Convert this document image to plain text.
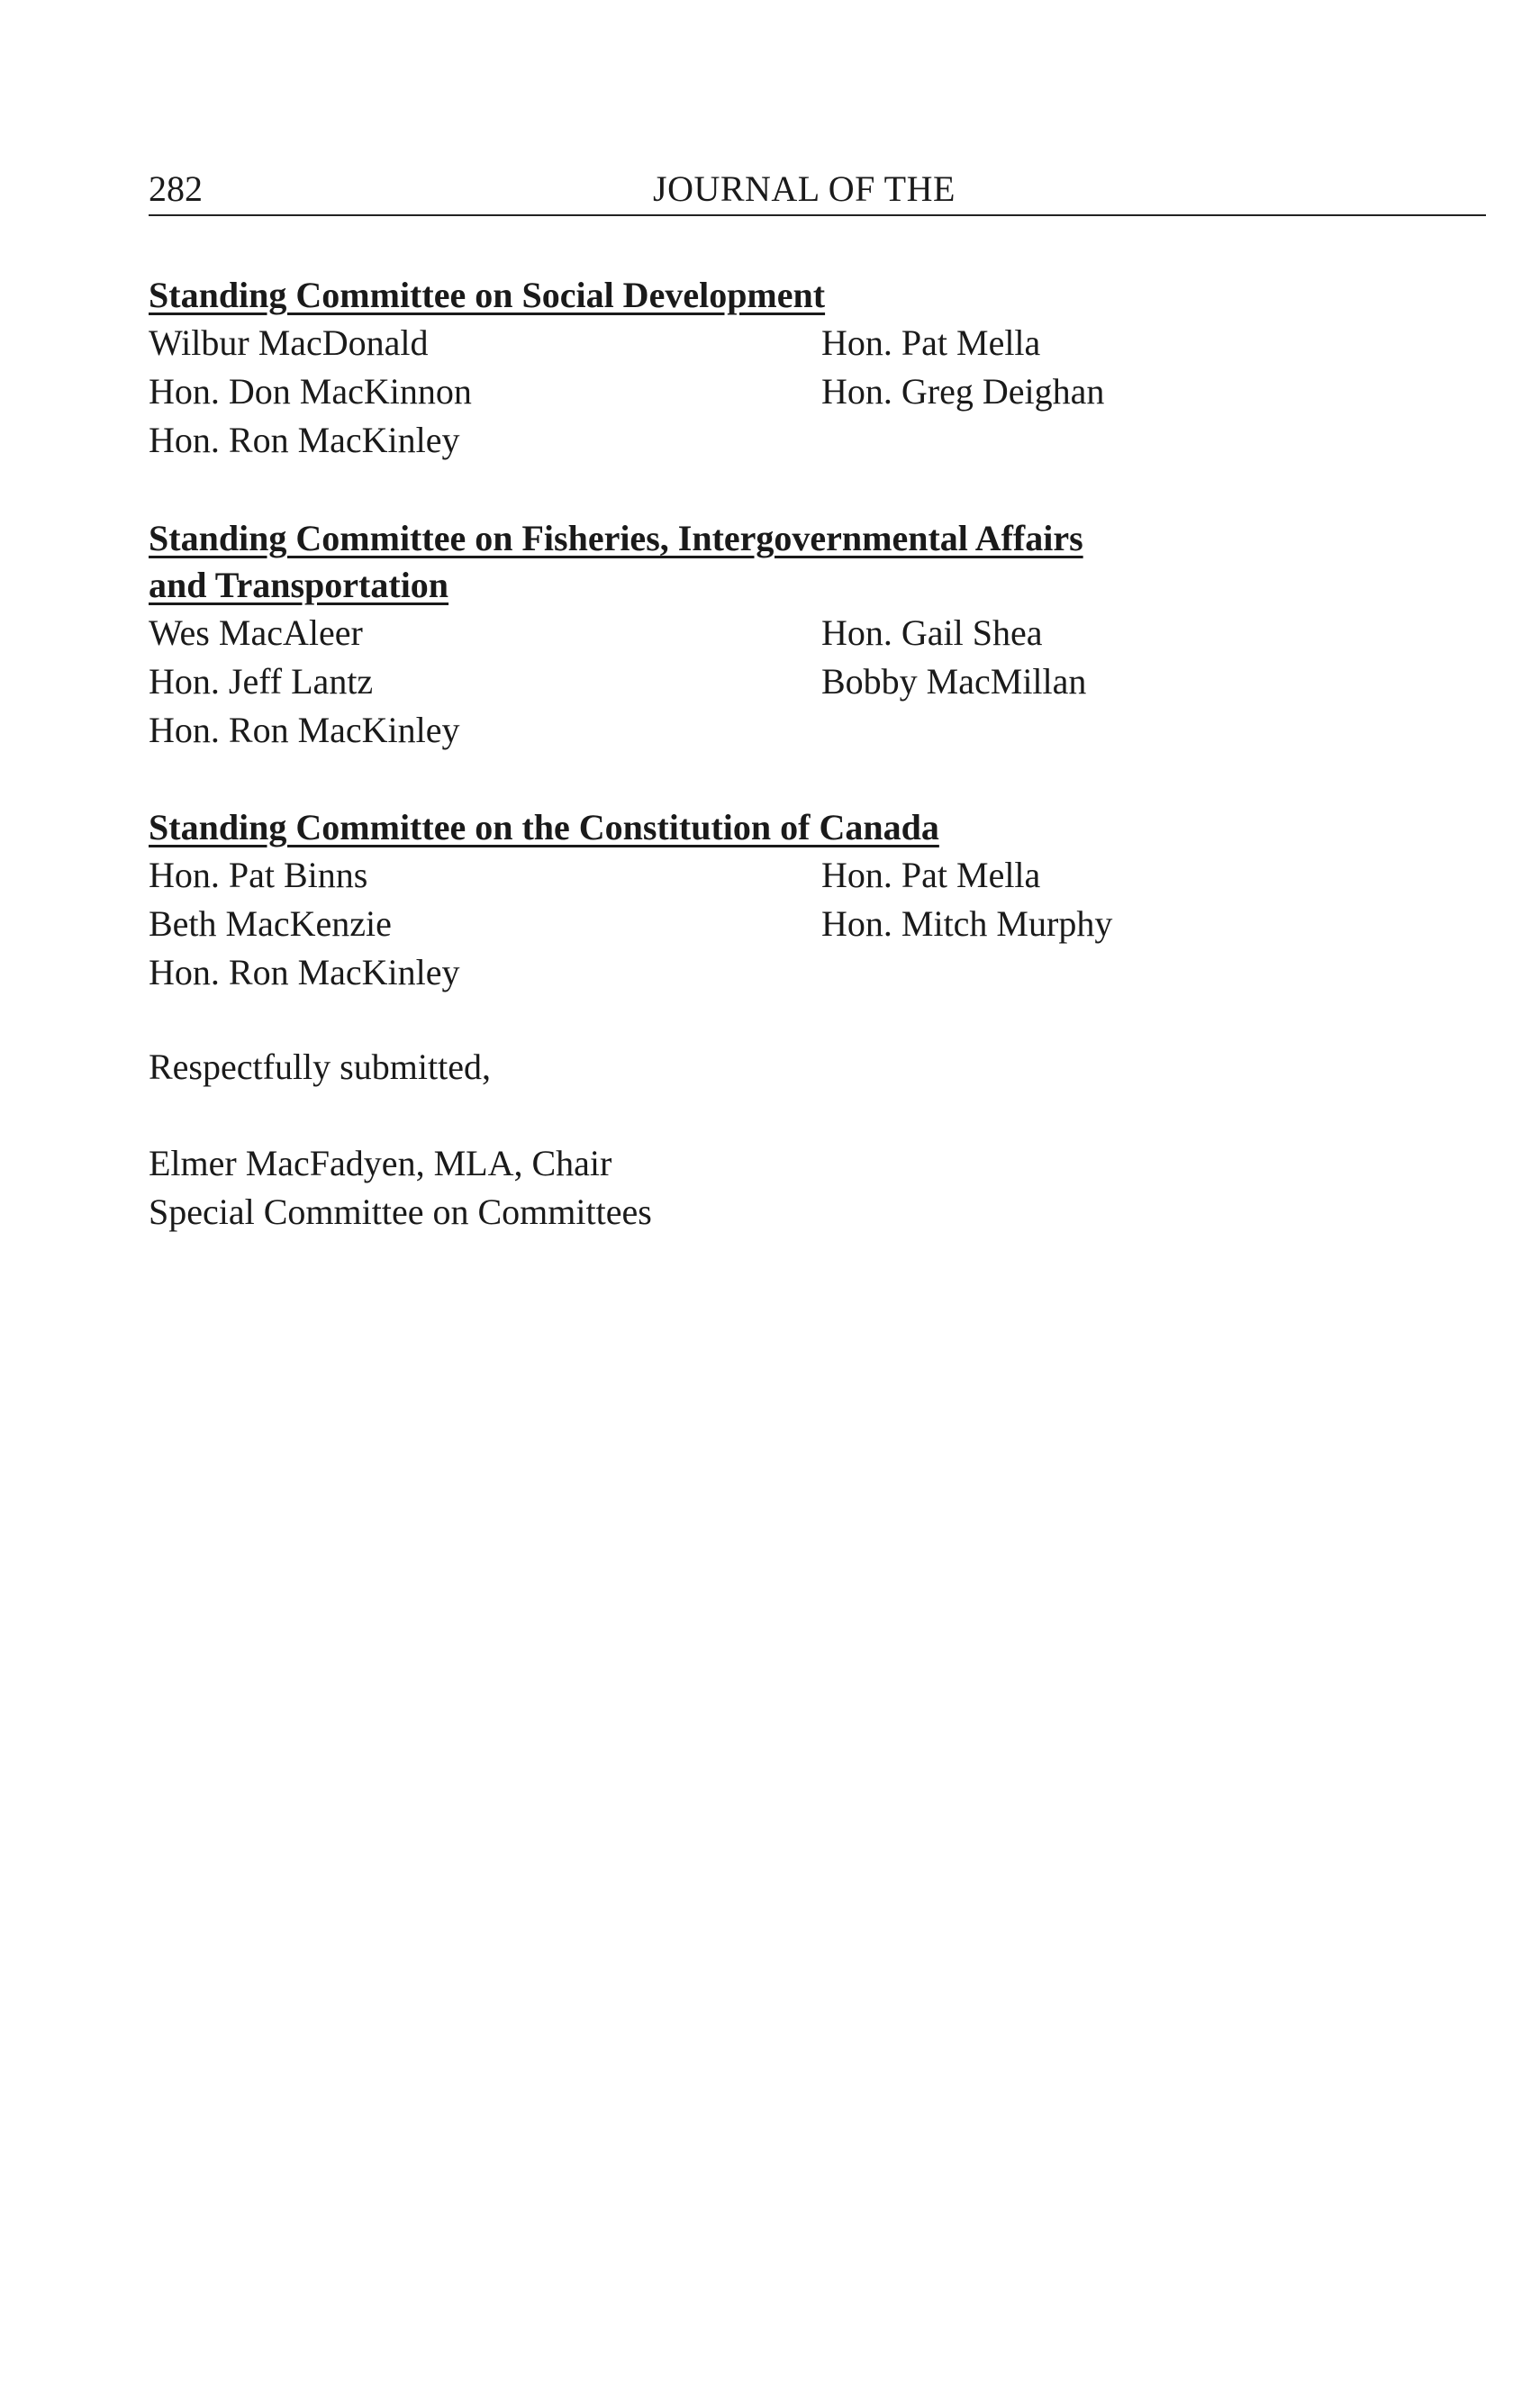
282	JOURNAL OF THE

Standing Committee on Social Development

Wilbur MacDonald	Hon. Pat Mella
Hon. Don MacKinnon	Hon. Greg Deighan
Hon. Ron MacKinley

Standing Committee on Fisheries, Intergovernmental Affairs

and Transportation

Wes MacAleer	Hon. Gail Shea
Hon. Jeff Lantz	Bobby MacMillan
Hon. Ron MacKinley

Standing Committee on the Constitution of Canada

Hon. Pat Binns	Hon. Pat Mella
Beth MacKenzie	Hon. Mitch Murphy
Hon. Ron MacKinley
Respectfully submitted,
Elmer MacFadyen, MLA, Chair
Special Committee on Committees
